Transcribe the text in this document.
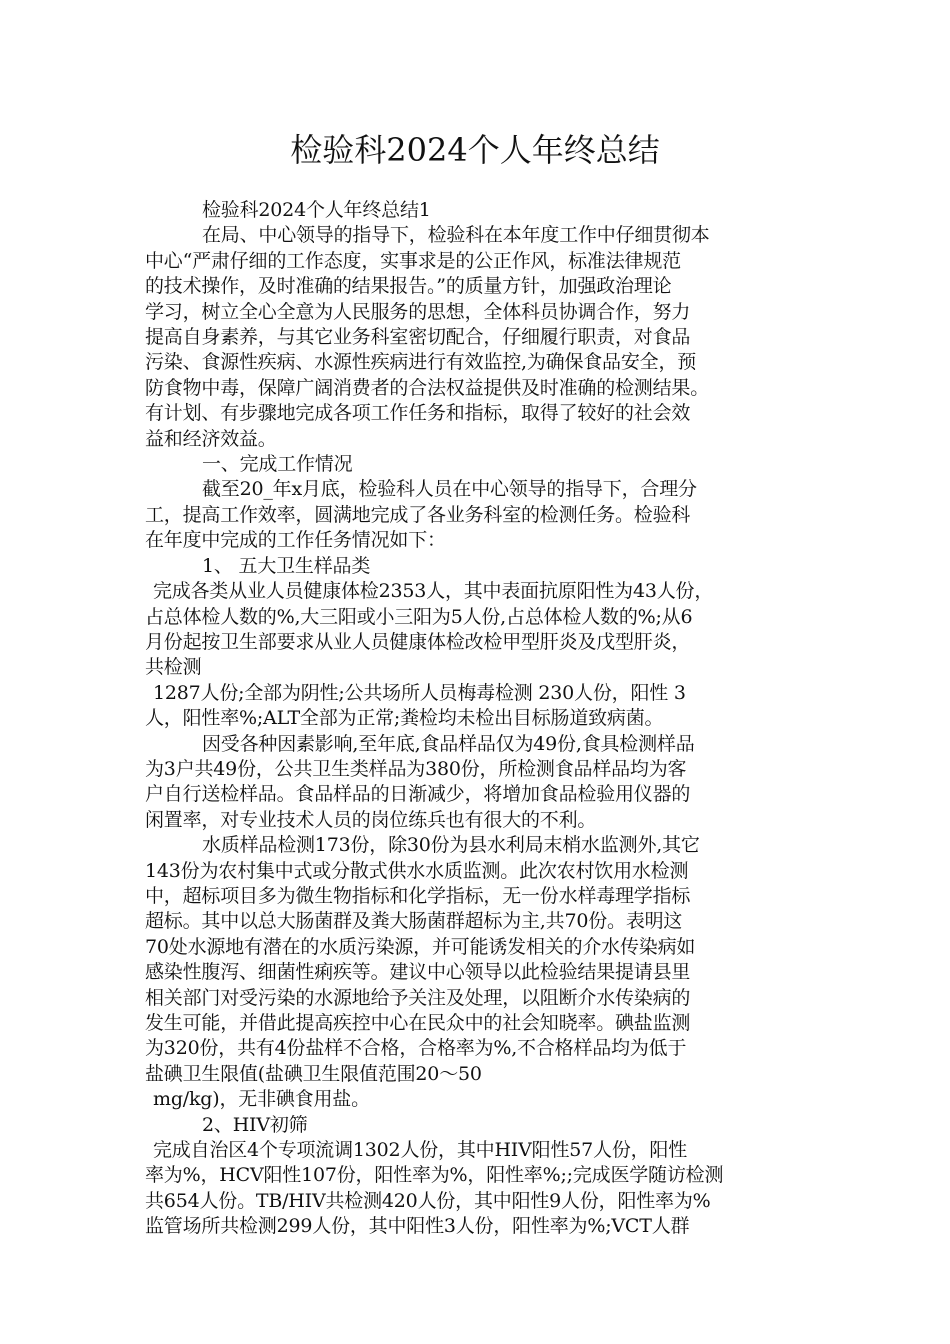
检验科2024个人年终总结
检验科2024个人年终总结1
在局、中心领导的指导下，检验科在本年度工作中仔细贯彻本
中心“严肃仔细的工作态度，实事求是的公正作风，标准法律规范
的技术操作，及时准确的结果报告。”的质量方针，加强政治理论
学习，树立全心全意为人民服务的思想，全体科员协调合作，努力
提高自身素养，与其它业务科室密切配合，仔细履行职责，对食品
污染、食源性疾病、水源性疾病进行有效监控,为确保食品安全，预
防食物中毒，保障广阔消费者的合法权益提供及时准确的检测结果。
有计划、有步骤地完成各项工作任务和指标，取得了较好的社会效
益和经济效益。
一、完成工作情况
截至20_年x月底，检验科人员在中心领导的指导下，合理分
工，提高工作效率，圆满地完成了各业务科室的检测任务。检验科
在年度中完成的工作任务情况如下：
1、 五大卫生样品类
完成各类从业人员健康体检2353人，其中表面抗原阳性为43人份，
占总体检人数的%,大三阳或小三阳为5人份,占总体检人数的%;从6
月份起按卫生部要求从业人员健康体检改检甲型肝炎及戊型肝炎，
共检测
1287人份;全部为阴性;公共场所人员梅毒检测 230人份，阳性 3
人，阳性率%;ALT全部为正常;粪检均未检出目标肠道致病菌。
因受各种因素影响,至年底,食品样品仅为49份,食具检测样品
为3户共49份，公共卫生类样品为380份，所检测食品样品均为客
户自行送检样品。食品样品的日渐减少，将增加食品检验用仪器的
闲置率，对专业技术人员的岗位练兵也有很大的不利。
水质样品检测173份，除30份为县水利局末梢水监测外,其它
143份为农村集中式或分散式供水水质监测。此次农村饮用水检测
中，超标项目多为微生物指标和化学指标，无一份水样毒理学指标
超标。其中以总大肠菌群及粪大肠菌群超标为主,共70份。表明这
70处水源地有潜在的水质污染源，并可能诱发相关的介水传染病如
感染性腹泻、细菌性痢疾等。建议中心领导以此检验结果提请县里
相关部门对受污染的水源地给予关注及处理，以阻断介水传染病的
发生可能，并借此提高疾控中心在民众中的社会知晓率。碘盐监测
为320份，共有4份盐样不合格，合格率为%,不合格样品均为低于
盐碘卫生限值(盐碘卫生限值范围20～50
mg/kg)，无非碘食用盐。
2、HIV初筛
完成自治区4个专项流调1302人份，其中HIV阳性57人份，阳性
率为%，HCV阳性107份，阳性率为%，阳性率%;;完成医学随访检测
共654人份。TB/HIV共检测420人份，其中阳性9人份，阳性率为%
监管场所共检测299人份，其中阳性3人份，阳性率为%;VCT人群
